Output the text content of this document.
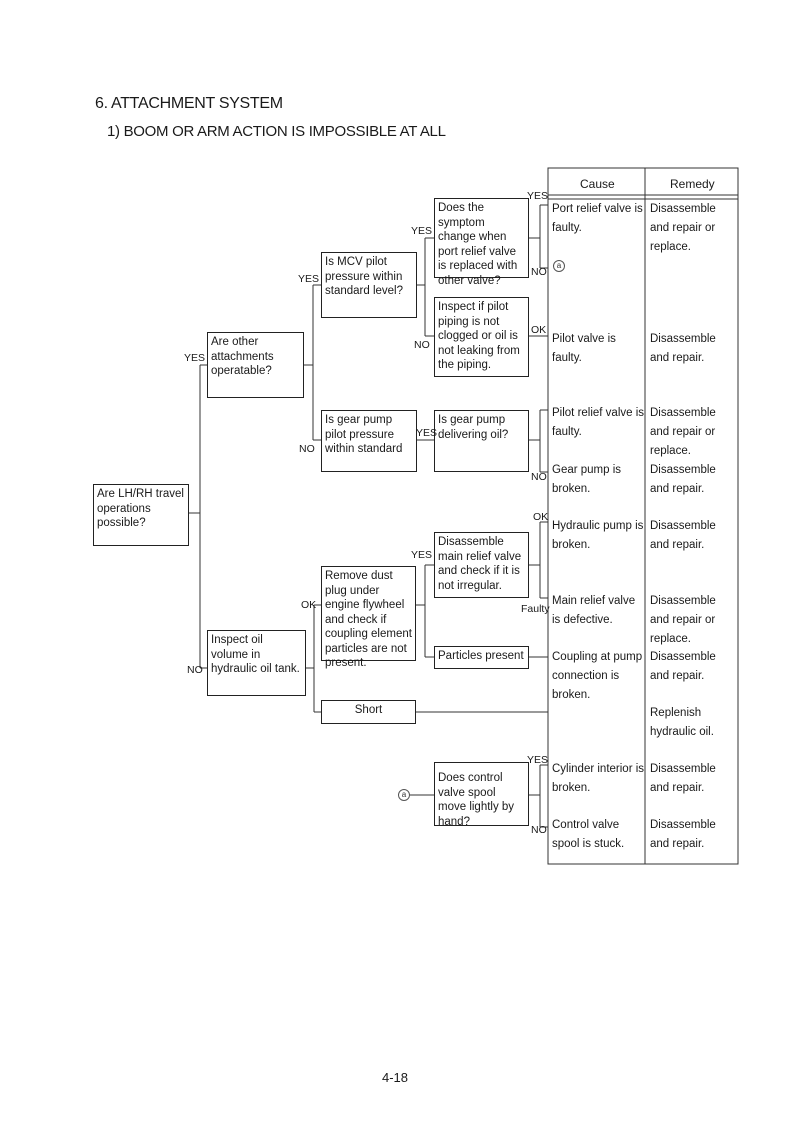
6. ATTACHMENT SYSTEM
1) BOOM OR ARM ACTION IS IMPOSSIBLE AT ALL
Cause	Remedy
Are LH/RH travel operations possible?
Are other attachments operatable?
Is MCV pilot pressure within standard level?
Is gear pump pilot pressure within standard
Does the symptom change when port relief valve is replaced with other valve?
Inspect if pilot piping is not clogged or oil is not leaking from the piping.
Is gear pump delivering oil?
Disassemble main relief valve and check if it is not irregular.
Remove dust plug under engine flywheel and check if coupling element particles are not present.
Particles present
Inspect oil volume in hydraulic oil tank.
Short
Does control valve spool move lightly by hand?
YES
NO
YES
NO
YES
NO
YES
NO
OK
YES
NO
OK
YES
Faulty
OK
YES
NO
a
a
Port relief valve is
faulty.
Disassemble
and repair or
replace.
Pilot valve is
faulty.
Disassemble
and repair.
Pilot relief valve is
faulty.
Disassemble
and repair or
replace.
Gear pump is
broken.
Disassemble
and repair.
Hydraulic pump is
broken.
Disassemble
and repair.
Main relief valve
is defective.
Disassemble
and repair or
replace.
Coupling at pump
connection is
broken.
Disassemble
and repair.
Replenish
hydraulic oil.
Cylinder interior is
broken.
Disassemble
and repair.
Control valve
spool is stuck.
Disassemble
and repair.
4-18
